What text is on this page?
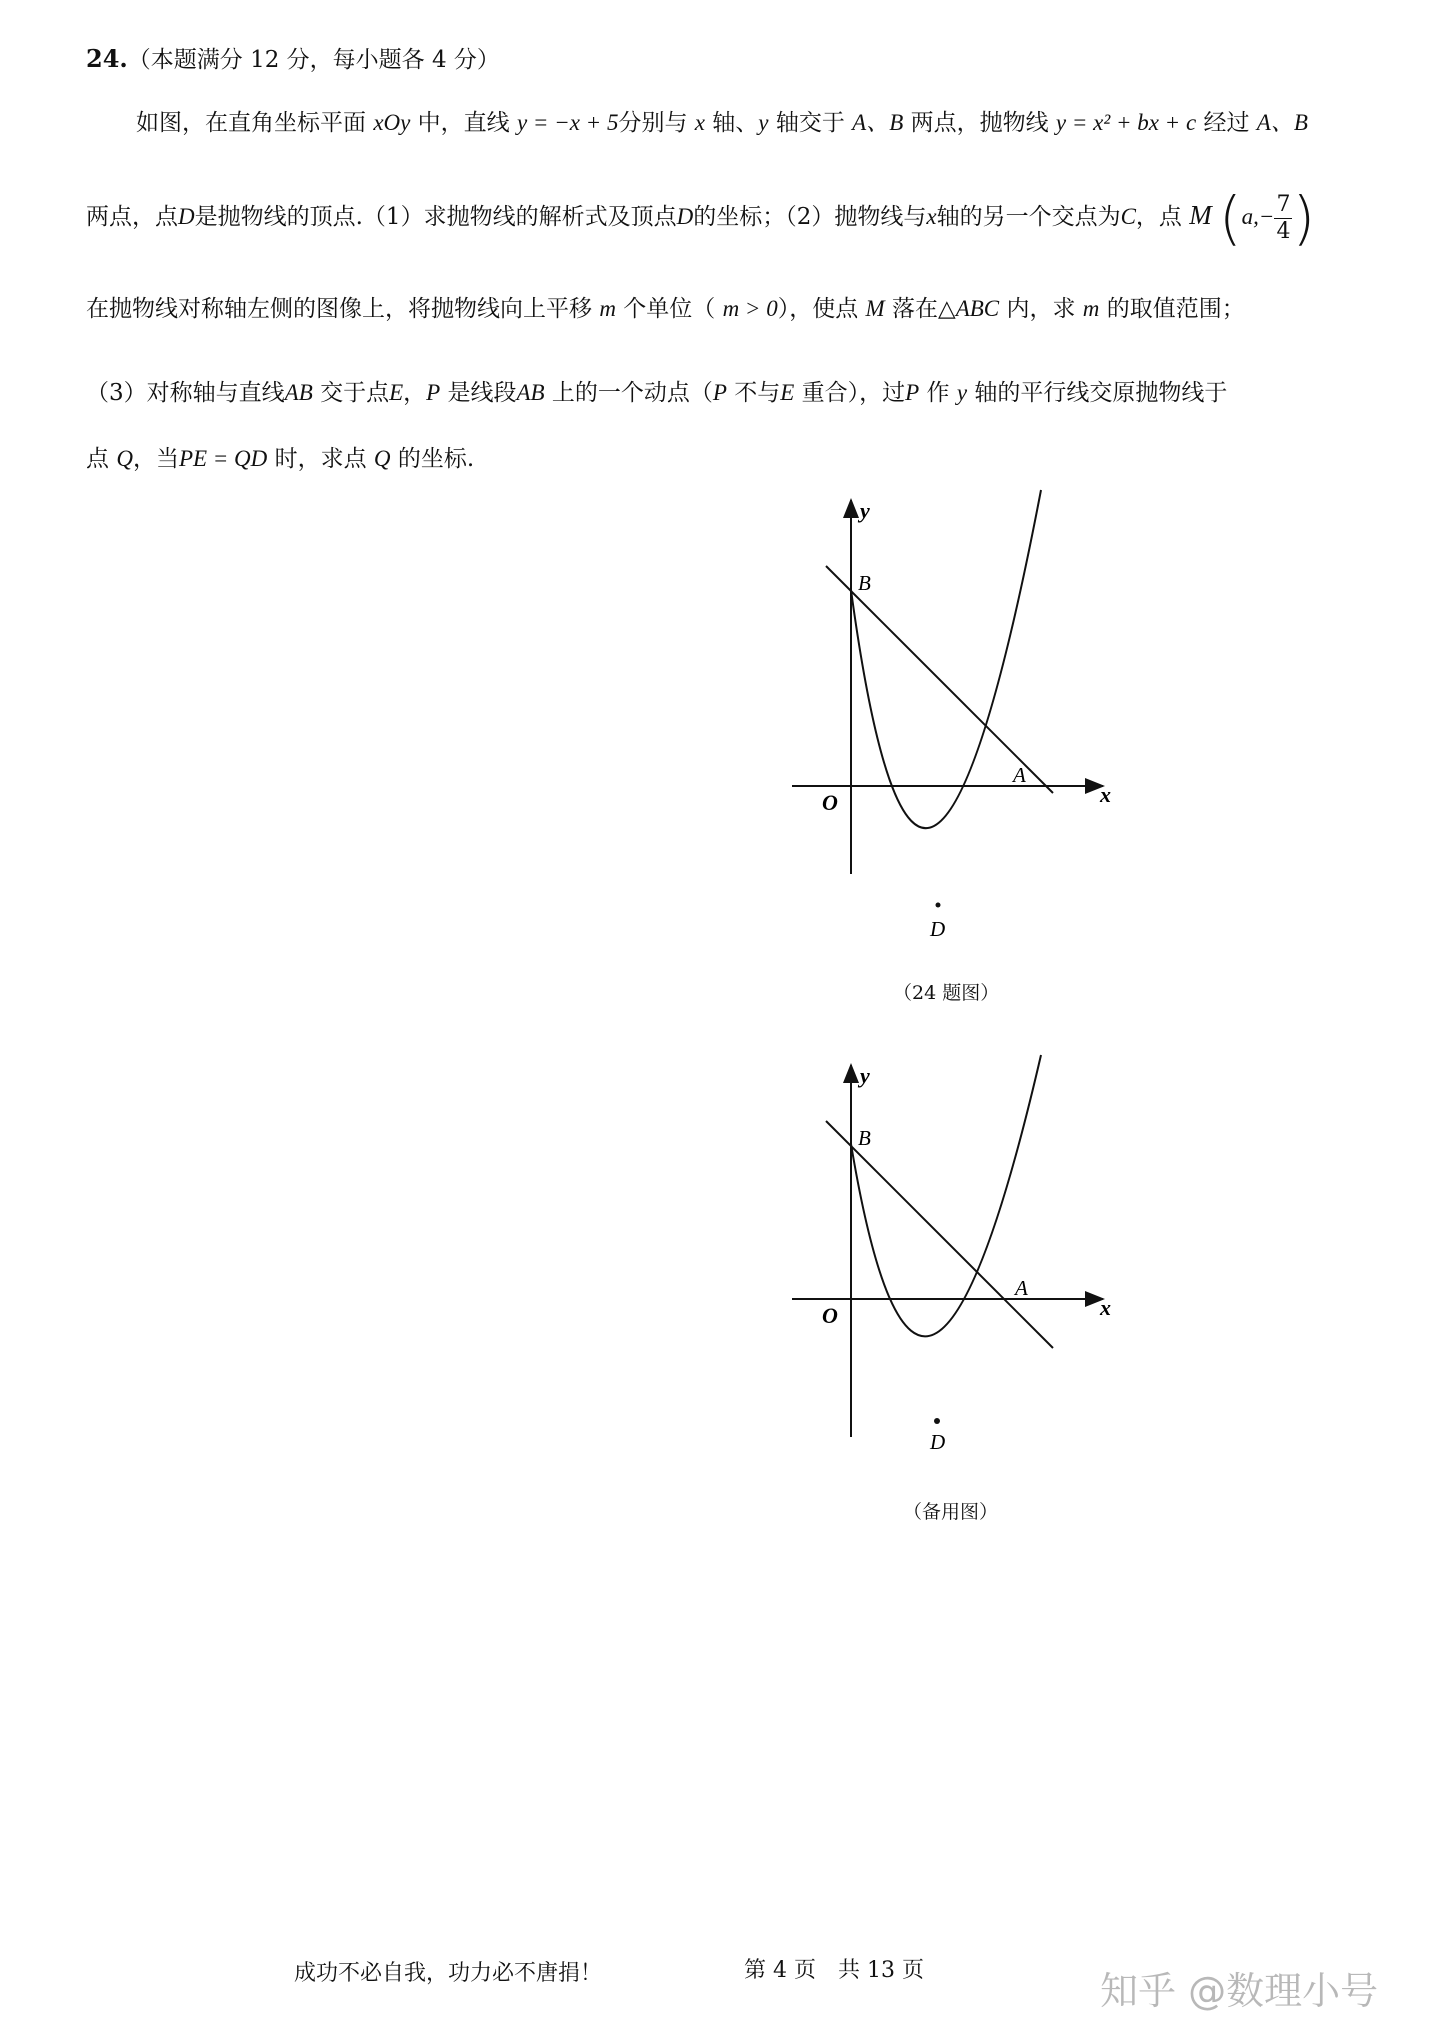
24.（本题满分 12 分，每小题各 4 分）
如图，在直角坐标平面 xOy 中，直线 y = −x + 5分别与 x 轴、y 轴交于 A、B 两点，抛物线 y = x² + bx + c 经过 A、B
两点，点D是抛物线的顶点.（1）求抛物线的解析式及顶点D的坐标；（2）抛物线与x轴的另一个交点为C，点 M ($a,- \frac{7}{4}$ )
在抛物线对称轴左侧的图像上，将抛物线向上平移 m 个单位（ m > 0），使点 M 落在△ABC 内，求 m 的取值范围；
（3）对称轴与直线AB 交于点E，P 是线段AB 上的一个动点（P 不与E 重合），过P 作 y 轴的平行线交原抛物线于
点 Q，当PE = QD 时，求点 Q 的坐标.
y
x
O
B
A
D
（24 题图）
y
x
O
B
A
D
（备用图）
成功不必自我，功力必不唐捐！	第 4 页　共 13 页	知乎 @数理小号
